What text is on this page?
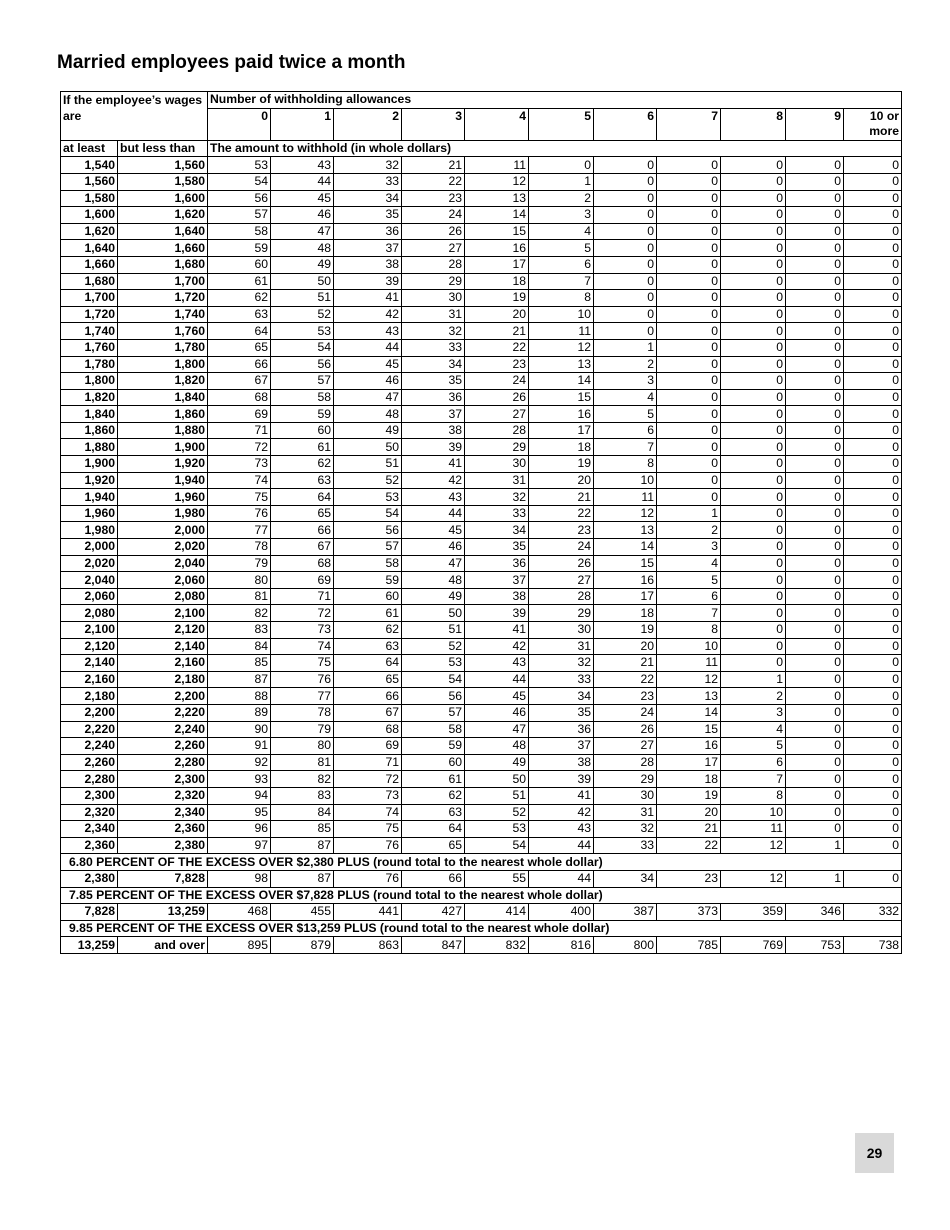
Married employees paid twice a month
If the employee’s wages		Number of withholding allowances										
are		0	1	2	3	4	5	6	7	8	9	10 or
												more
at least	but less than	The amount to withhold (in whole dollars)										
1,540	1,560	53	43	32	21	11	0	0	0	0	0	0
1,560	1,580	54	44	33	22	12	1	0	0	0	0	0
1,580	1,600	56	45	34	23	13	2	0	0	0	0	0
1,600	1,620	57	46	35	24	14	3	0	0	0	0	0
1,620	1,640	58	47	36	26	15	4	0	0	0	0	0
1,640	1,660	59	48	37	27	16	5	0	0	0	0	0
1,660	1,680	60	49	38	28	17	6	0	0	0	0	0
1,680	1,700	61	50	39	29	18	7	0	0	0	0	0
1,700	1,720	62	51	41	30	19	8	0	0	0	0	0
1,720	1,740	63	52	42	31	20	10	0	0	0	0	0
1,740	1,760	64	53	43	32	21	11	0	0	0	0	0
1,760	1,780	65	54	44	33	22	12	1	0	0	0	0
1,780	1,800	66	56	45	34	23	13	2	0	0	0	0
1,800	1,820	67	57	46	35	24	14	3	0	0	0	0
1,820	1,840	68	58	47	36	26	15	4	0	0	0	0
1,840	1,860	69	59	48	37	27	16	5	0	0	0	0
1,860	1,880	71	60	49	38	28	17	6	0	0	0	0
1,880	1,900	72	61	50	39	29	18	7	0	0	0	0
1,900	1,920	73	62	51	41	30	19	8	0	0	0	0
1,920	1,940	74	63	52	42	31	20	10	0	0	0	0
1,940	1,960	75	64	53	43	32	21	11	0	0	0	0
1,960	1,980	76	65	54	44	33	22	12	1	0	0	0
1,980	2,000	77	66	56	45	34	23	13	2	0	0	0
2,000	2,020	78	67	57	46	35	24	14	3	0	0	0
2,020	2,040	79	68	58	47	36	26	15	4	0	0	0
2,040	2,060	80	69	59	48	37	27	16	5	0	0	0
2,060	2,080	81	71	60	49	38	28	17	6	0	0	0
2,080	2,100	82	72	61	50	39	29	18	7	0	0	0
2,100	2,120	83	73	62	51	41	30	19	8	0	0	0
2,120	2,140	84	74	63	52	42	31	20	10	0	0	0
2,140	2,160	85	75	64	53	43	32	21	11	0	0	0
2,160	2,180	87	76	65	54	44	33	22	12	1	0	0
2,180	2,200	88	77	66	56	45	34	23	13	2	0	0
2,200	2,220	89	78	67	57	46	35	24	14	3	0	0
2,220	2,240	90	79	68	58	47	36	26	15	4	0	0
2,240	2,260	91	80	69	59	48	37	27	16	5	0	0
2,260	2,280	92	81	71	60	49	38	28	17	6	0	0
2,280	2,300	93	82	72	61	50	39	29	18	7	0	0
2,300	2,320	94	83	73	62	51	41	30	19	8	0	0
2,320	2,340	95	84	74	63	52	42	31	20	10	0	0
2,340	2,360	96	85	75	64	53	43	32	21	11	0	0
2,360	2,380	97	87	76	65	54	44	33	22	12	1	0
6.80 PERCENT OF THE EXCESS OVER $2,380 PLUS (round total to the nearest whole dollar)												
2,380	7,828	98	87	76	66	55	44	34	23	12	1	0
7.85 PERCENT OF THE EXCESS OVER $7,828 PLUS (round total to the nearest whole dollar)												
7,828	13,259	468	455	441	427	414	400	387	373	359	346	332
9.85 PERCENT OF THE EXCESS OVER $13,259 PLUS (round total to the nearest whole dollar)												
13,259	and over	895	879	863	847	832	816	800	785	769	753	738
29
